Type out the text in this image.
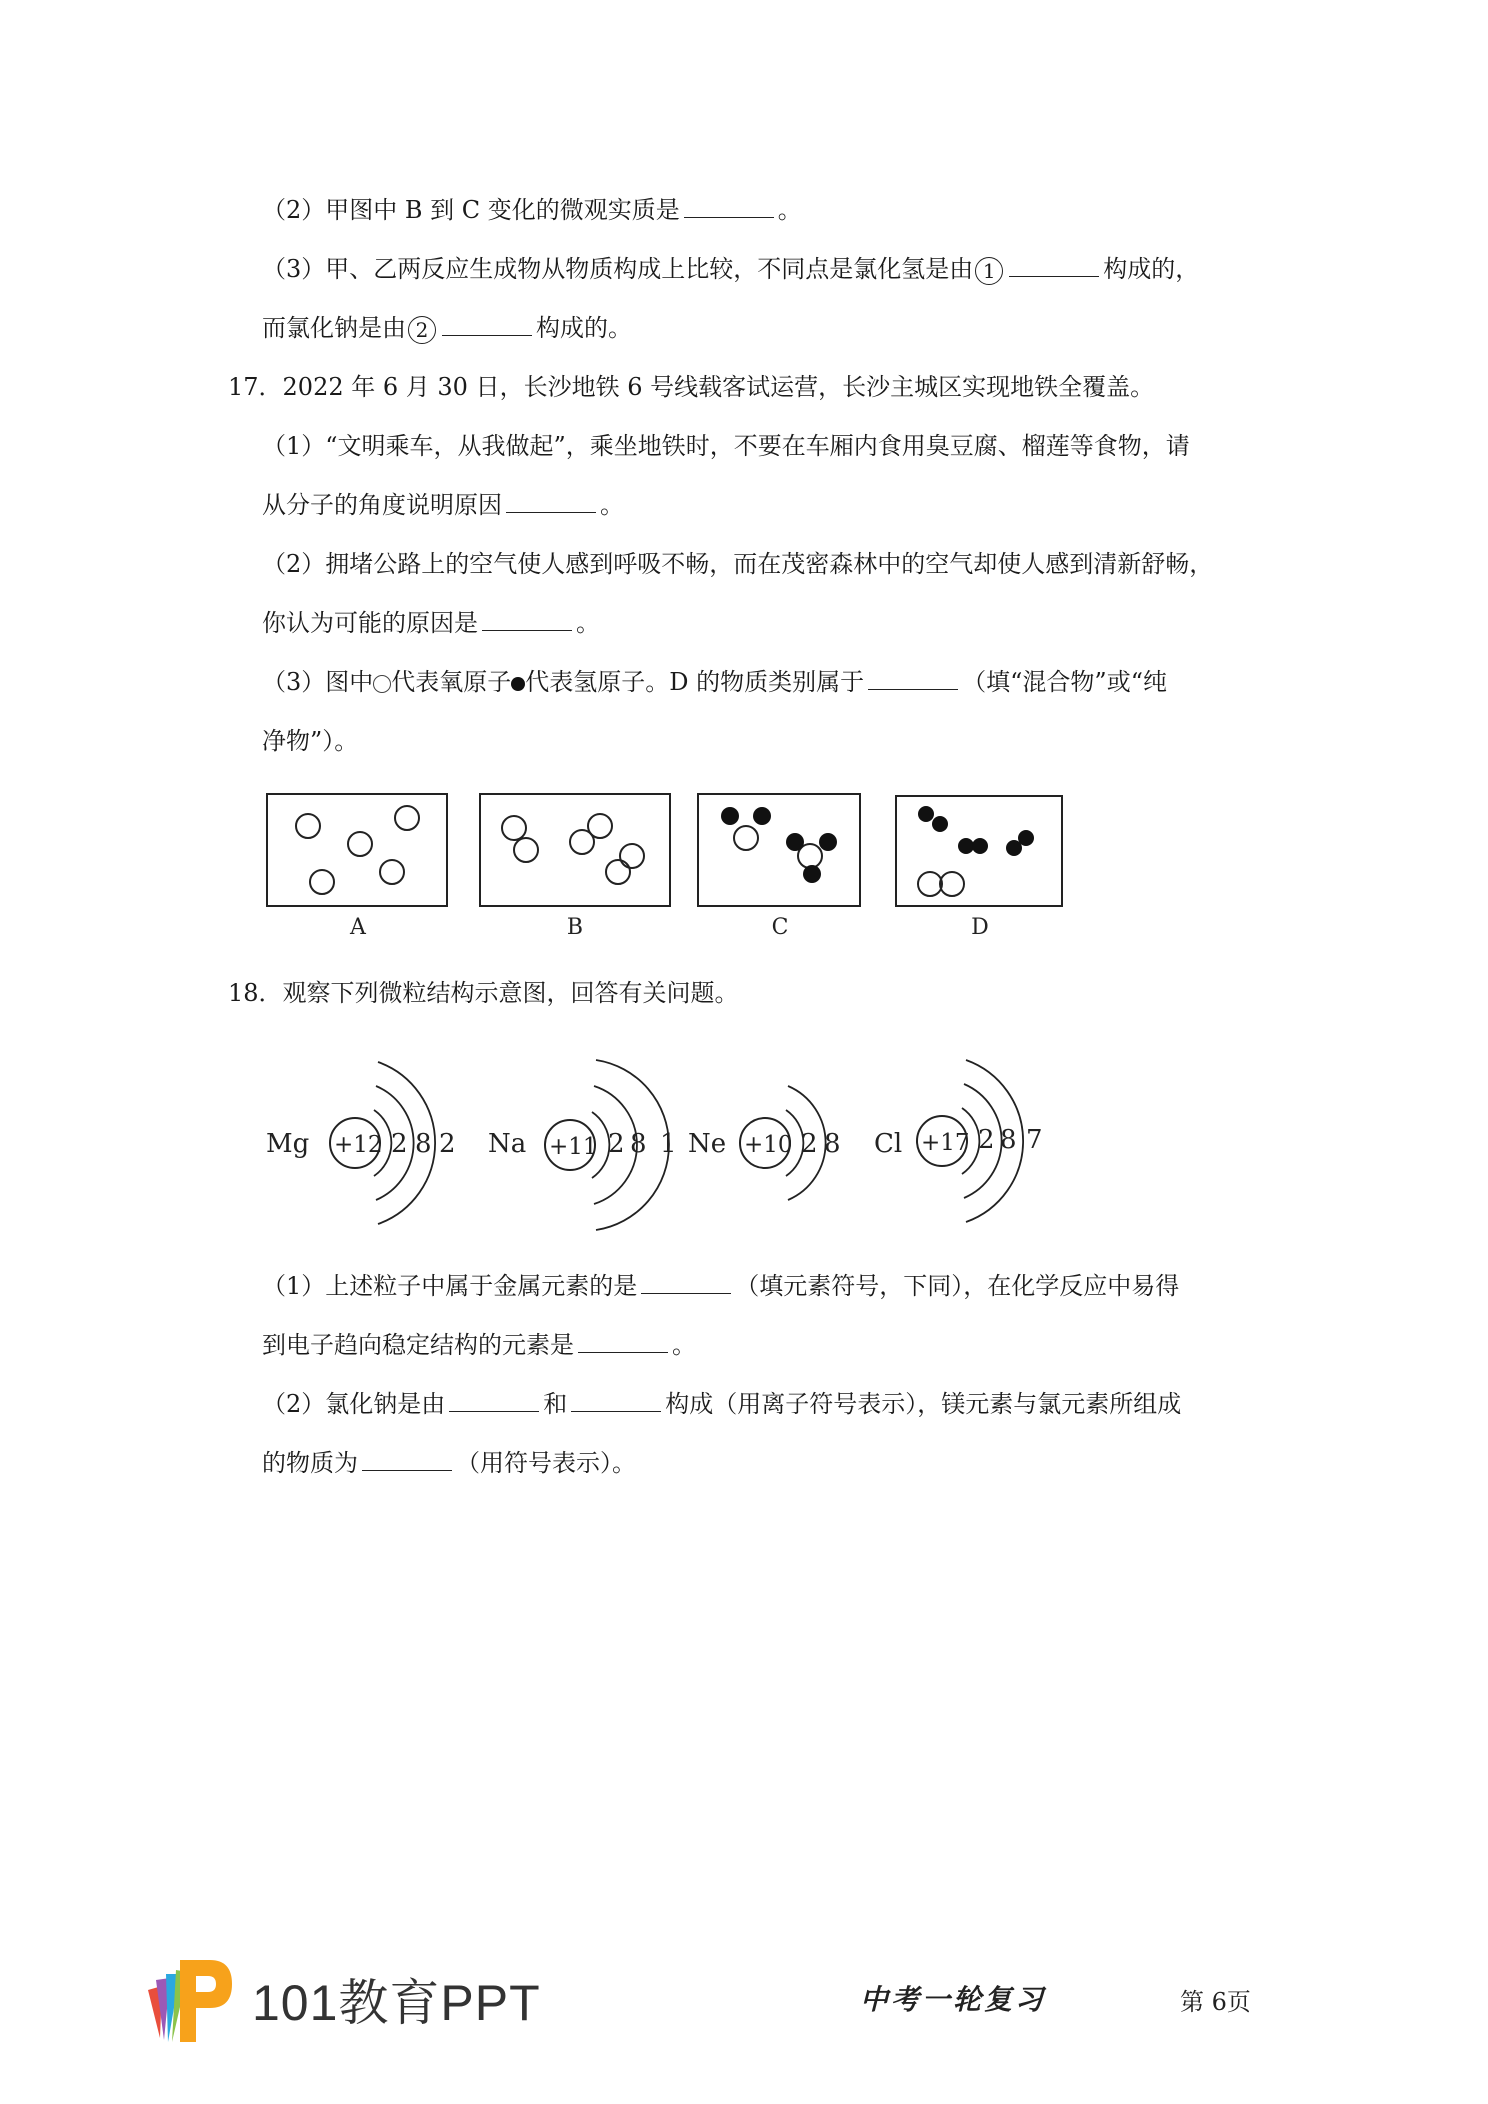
（2）甲图中 B 到 C 变化的微观实质是	。
（3）甲、乙两反应生成物从物质构成上比较，不同点是氯化氢是由 1	构成的，
而氯化钠是由 2	构成的。
17．2022 年 6 月 30 日，长沙地铁 6 号线载客试运营，长沙主城区实现地铁全覆盖。
（1）“文明乘车，从我做起”，乘坐地铁时，不要在车厢内食用臭豆腐、榴莲等食物，请
从分子的角度说明原因	。
（2）拥堵公路上的空气使人感到呼吸不畅，而在茂密森林中的空气却使人感到清新舒畅，
你认为可能的原因是	。
（3）图中 代表氧原子 代表氢原子。D 的物质类别属于	（填“混合物”或“纯
净物”）。
A	B	C	D
18．观察下列微粒结构示意图，回答有关问题。
Mg +12 2 8 2 Na +11 2 8 1 Ne +10 2 8 Cl +17 2 8 7
（1）上述粒子中属于金属元素的是	（填元素符号，下同），在化学反应中易得
到电子趋向稳定结构的元素是	。
（2）氯化钠是由	和	构成（用离子符号表示），镁元素与氯元素所组成
的物质为	（用符号表示）。
101教育PPT	中考一轮复习	第 6页
